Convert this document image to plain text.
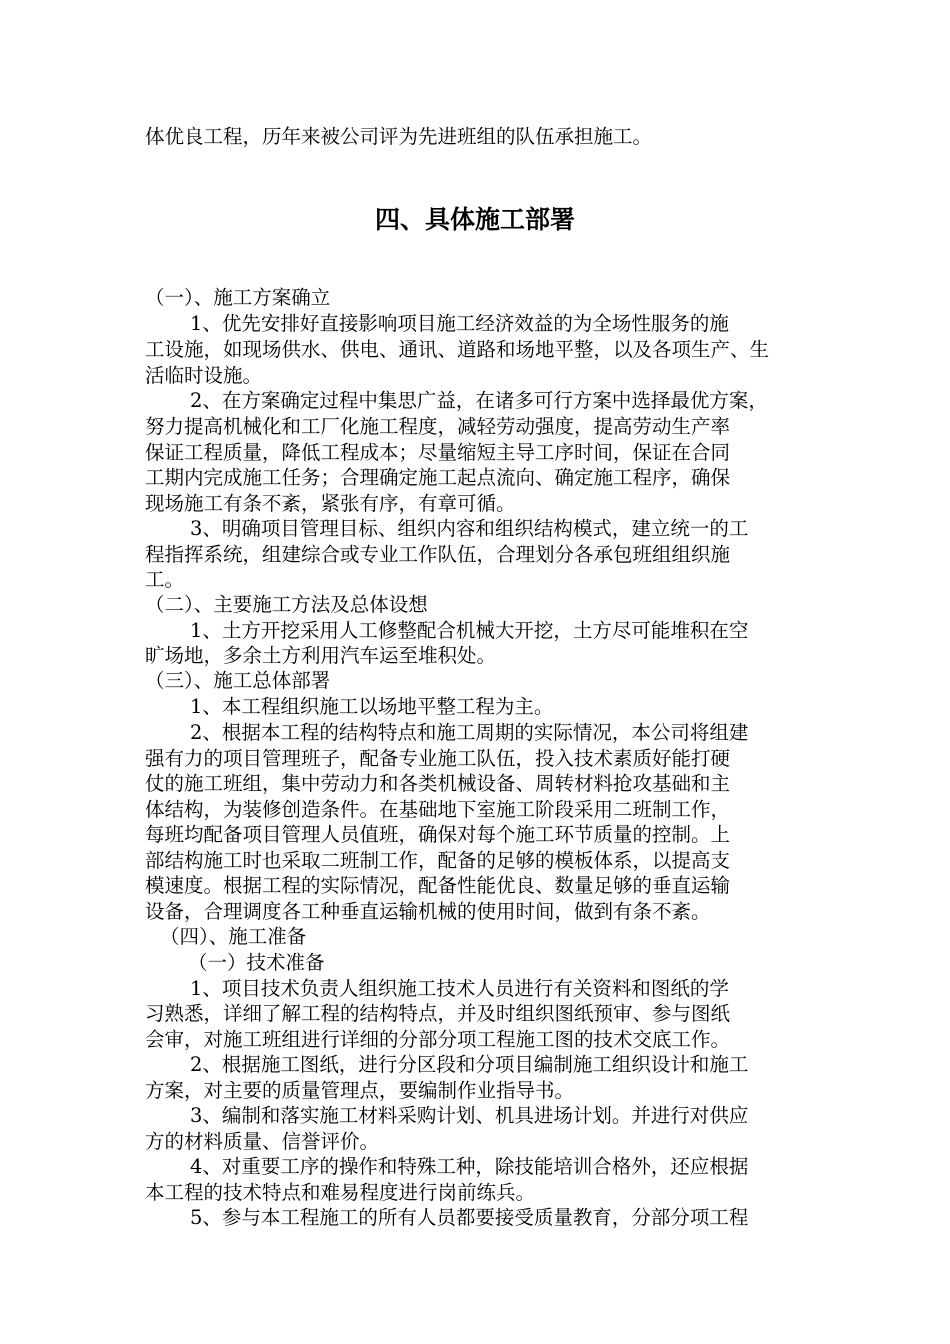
体优良工程，历年来被公司评为先进班组的队伍承担施工。
四、具体施工部署
（一）、施工方案确立
1、优先安排好直接影响项目施工经济效益的为全场性服务的施
工设施，如现场供水、供电、通讯、道路和场地平整，以及各项生产、生
活临时设施。
2、在方案确定过程中集思广益，在诸多可行方案中选择最优方案，
努力提高机械化和工厂化施工程度，减轻劳动强度，提高劳动生产率
保证工程质量，降低工程成本；尽量缩短主导工序时间，保证在合同
工期内完成施工任务；合理确定施工起点流向、确定施工程序，确保
现场施工有条不紊，紧张有序，有章可循。
3、明确项目管理目标、组织内容和组织结构模式，建立统一的工
程指挥系统，组建综合或专业工作队伍，合理划分各承包班组组织施
工。
（二）、主要施工方法及总体设想
1、土方开挖采用人工修整配合机械大开挖，土方尽可能堆积在空
旷场地，多余土方利用汽车运至堆积处。
（三）、施工总体部署
1、本工程组织施工以场地平整工程为主。
2、根据本工程的结构特点和施工周期的实际情况，本公司将组建
强有力的项目管理班子，配备专业施工队伍，投入技术素质好能打硬
仗的施工班组，集中劳动力和各类机械设备、周转材料抢攻基础和主
体结构，为装修创造条件。在基础地下室施工阶段采用二班制工作，
每班均配备项目管理人员值班，确保对每个施工环节质量的控制。上
部结构施工时也采取二班制工作，配备的足够的模板体系，以提高支
模速度。根据工程的实际情况，配备性能优良、数量足够的垂直运输
设备，合理调度各工种垂直运输机械的使用时间，做到有条不紊。
（四）、施工准备
（一）技术准备
1、项目技术负责人组织施工技术人员进行有关资料和图纸的学
习熟悉，详细了解工程的结构特点，并及时组织图纸预审、参与图纸
会审，对施工班组进行详细的分部分项工程施工图的技术交底工作。
2、根据施工图纸，进行分区段和分项目编制施工组织设计和施工
方案，对主要的质量管理点，要编制作业指导书。
3、编制和落实施工材料采购计划、机具进场计划。并进行对供应
方的材料质量、信誉评价。
4、对重要工序的操作和特殊工种，除技能培训合格外，还应根据
本工程的技术特点和难易程度进行岗前练兵。
5、参与本工程施工的所有人员都要接受质量教育，分部分项工程
